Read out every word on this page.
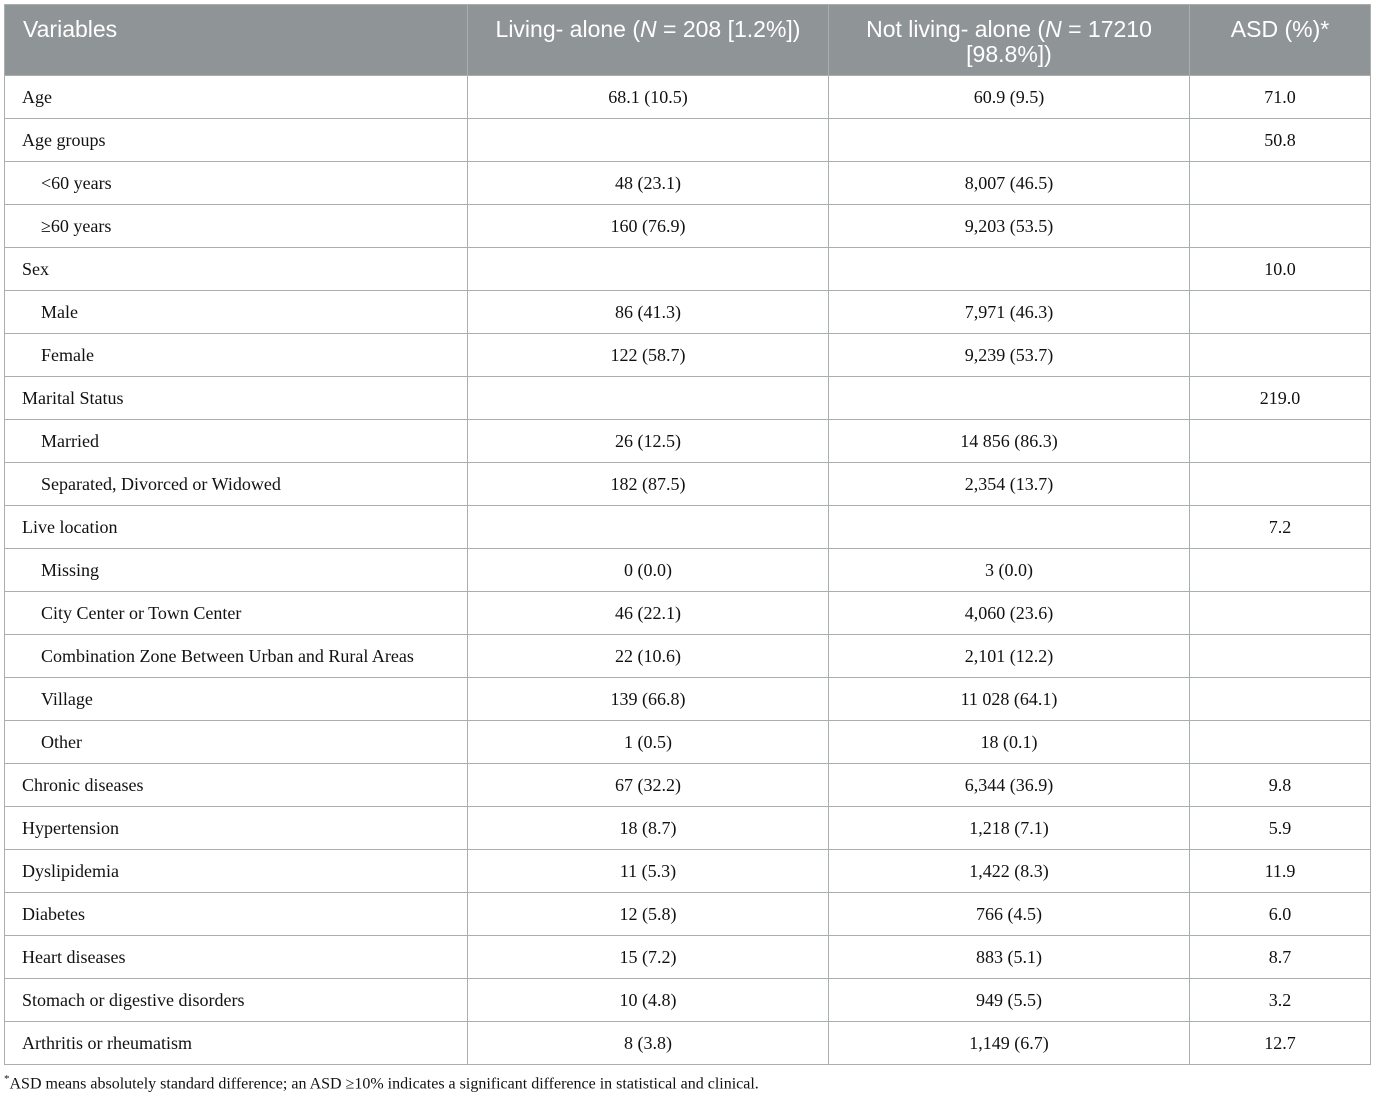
Variables	Living- alone (N = 208 [1.2%])	Not living- alone (N = 17210 [98.8%])	ASD (%)*

Age	68.1 (10.5)	60.9 (9.5)	71.0
Age groups			50.8
<60 years	48 (23.1)	8,007 (46.5)	
≥60 years	160 (76.9)	9,203 (53.5)	
Sex			10.0
Male	86 (41.3)	7,971 (46.3)	
Female	122 (58.7)	9,239 (53.7)	
Marital Status			219.0
Married	26 (12.5)	14 856 (86.3)	
Separated, Divorced or Widowed	182 (87.5)	2,354 (13.7)	
Live location			7.2
Missing	0 (0.0)	3 (0.0)	
City Center or Town Center	46 (22.1)	4,060 (23.6)	
Combination Zone Between Urban and Rural Areas	22 (10.6)	2,101 (12.2)	
Village	139 (66.8)	11 028 (64.1)	
Other	1 (0.5)	18 (0.1)	
Chronic diseases	67 (32.2)	6,344 (36.9)	9.8
Hypertension	18 (8.7)	1,218 (7.1)	5.9
Dyslipidemia	11 (5.3)	1,422 (8.3)	11.9
Diabetes	12 (5.8)	766 (4.5)	6.0
Heart diseases	15 (7.2)	883 (5.1)	8.7
Stomach or digestive disorders	10 (4.8)	949 (5.5)	3.2
Arthritis or rheumatism	8 (3.8)	1,149 (6.7)	12.7
*ASD means absolutely standard difference; an ASD ≥10% indicates a significant difference in statistical and clinical.
